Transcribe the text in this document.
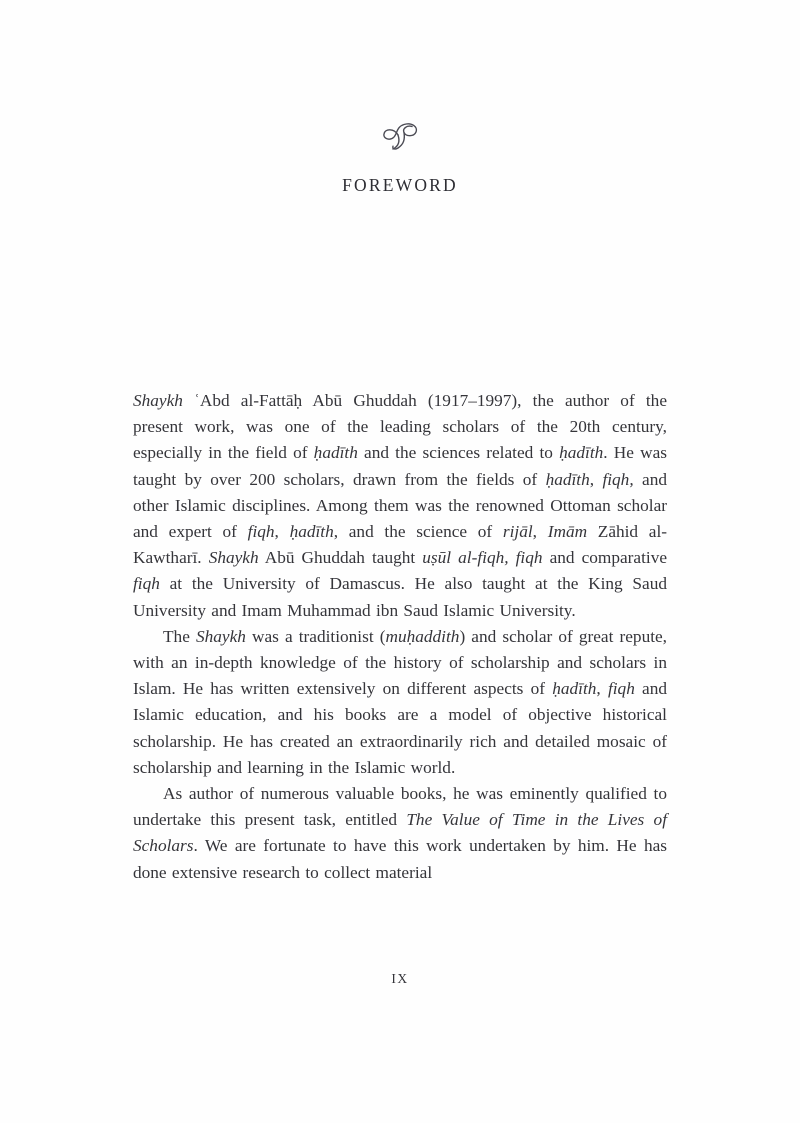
FOREWORD

Shaykh ʿAbd al-Fattāḥ Abū Ghuddah (1917–1997), the author of the present work, was one of the leading scholars of the 20th century, especially in the field of ḥadīth and the sciences related to ḥadīth. He was taught by over 200 scholars, drawn from the fields of ḥadīth, fiqh, and other Islamic disciplines. Among them was the renowned Ottoman scholar and expert of fiqh, ḥadīth, and the science of rijāl, Imām Zāhid al-Kawtharī. Shaykh Abū Ghuddah taught uṣūl al-fiqh, fiqh and comparative fiqh at the University of Damascus. He also taught at the King Saud University and Imam Muhammad ibn Saud Islamic University.

The Shaykh was a traditionist (muḥaddith) and scholar of great repute, with an in-depth knowledge of the history of scholarship and scholars in Islam. He has written extensively on different aspects of ḥadīth, fiqh and Islamic education, and his books are a model of objective historical scholarship. He has created an extraordinarily rich and detailed mosaic of scholarship and learning in the Islamic world.

As author of numerous valuable books, he was eminently qualified to undertake this present task, entitled The Value of Time in the Lives of Scholars. We are fortunate to have this work undertaken by him. He has done extensive research to collect material

IX
